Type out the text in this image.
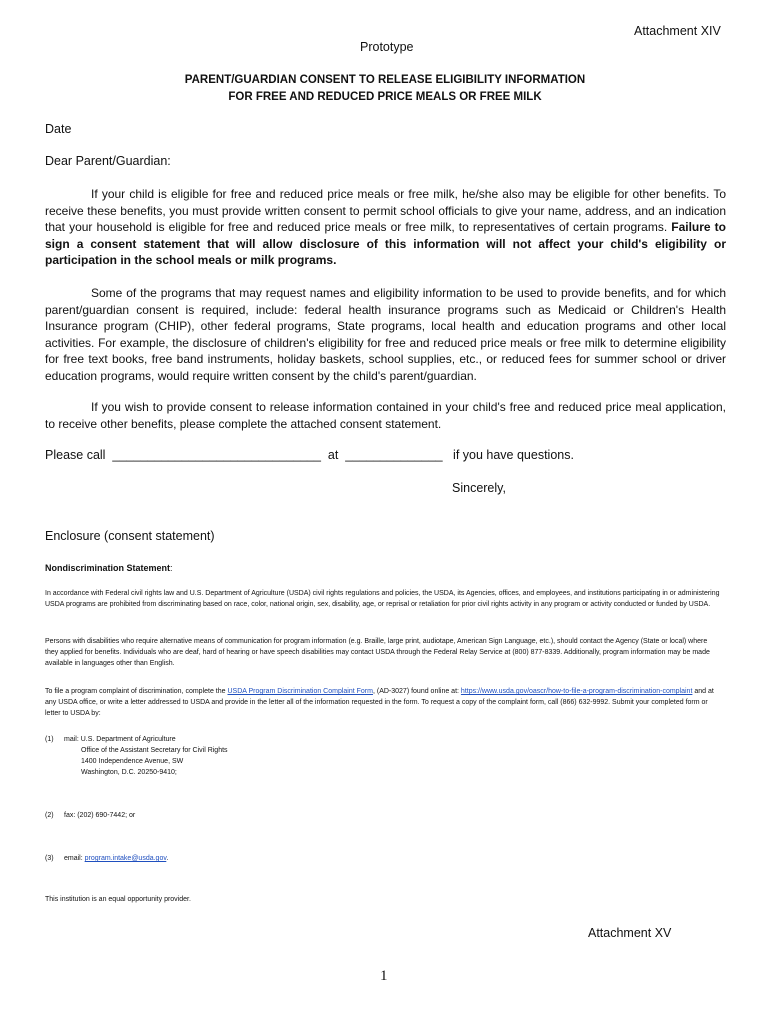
Attachment XIV
Prototype
PARENT/GUARDIAN CONSENT TO RELEASE ELIGIBILITY INFORMATION
FOR FREE AND REDUCED PRICE MEALS OR FREE MILK
Date
Dear Parent/Guardian:

If your child is eligible for free and reduced price meals or free milk, he/she also may be eligible for other benefits. To receive these benefits, you must provide written consent to permit school officials to give your name, address, and an indication that your household is eligible for free and reduced price meals or free milk, to representatives of certain programs. Failure to sign a consent statement that will allow disclosure of this information will not affect your child's eligibility or participation in the school meals or milk programs.

Some of the programs that may request names and eligibility information to be used to provide benefits, and for which parent/guardian consent is required, include: federal health insurance programs such as Medicaid or Children's Health Insurance program (CHIP), other federal programs, State programs, local health and education programs and other local activities. For example, the disclosure of children's eligibility for free and reduced price meals or free milk to determine eligibility for free text books, free band instruments, holiday baskets, school supplies, etc., or reduced fees for summer school or driver education programs, would require written consent by the child's parent/guardian.

If you wish to provide consent to release information contained in your child's free and reduced price meal application, to receive other benefits, please complete the attached consent statement.

Please call  ______________________________  at  ______________   if you have questions.
Sincerely,
Enclosure (consent statement)
Nondiscrimination Statement:

In accordance with Federal civil rights law and U.S. Department of Agriculture (USDA) civil rights regulations and policies, the USDA, its Agencies, offices, and employees, and institutions participating in or administering USDA programs are prohibited from discriminating based on race, color, national origin, sex, disability, age, or reprisal or retaliation for prior civil rights activity in any program or activity conducted or funded by USDA.

Persons with disabilities who require alternative means of communication for program information (e.g. Braille, large print, audiotape, American Sign Language, etc.), should contact the Agency (State or local) where they applied for benefits. Individuals who are deaf, hard of hearing or have speech disabilities may contact USDA through the Federal Relay Service at (800) 877-8339. Additionally, program information may be made available in languages other than English.

To file a program complaint of discrimination, complete the USDA Program Discrimination Complaint Form, (AD-3027) found online at: https://www.usda.gov/oascr/how-to-file-a-program-discrimination-complaint and at any USDA office, or write a letter addressed to USDA and provide in the letter all of the information requested in the form. To request a copy of the complaint form, call (866) 632-9992. Submit your completed form or letter to USDA by:

(1)	mail: U.S. Department of Agriculture
Office of the Assistant Secretary for Civil Rights
1400 Independence Avenue, SW
Washington, D.C. 20250-9410;
(2)	fax: (202) 690-7442; or
(3)	email: program.intake@usda.gov.
This institution is an equal opportunity provider.
Attachment XV
1
